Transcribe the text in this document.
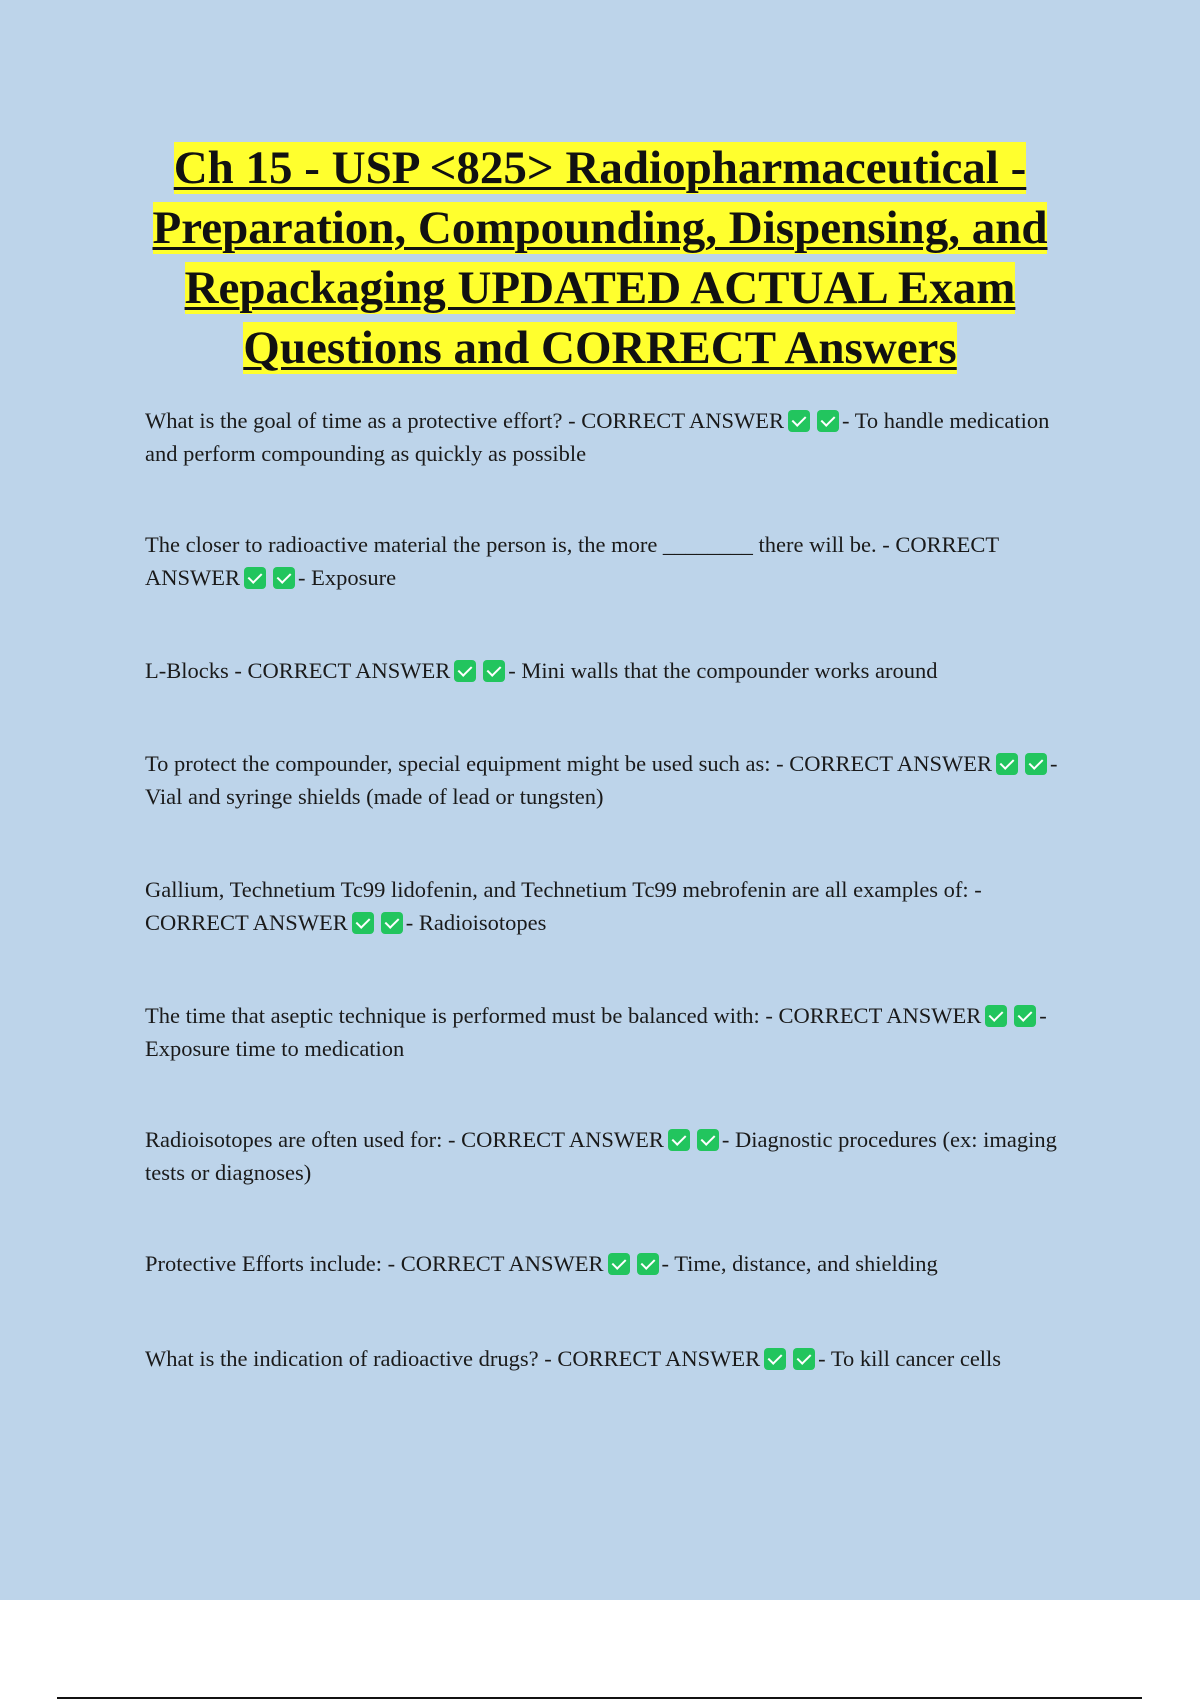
Ch 15 - USP <825> Radiopharmaceutical - Preparation, Compounding, Dispensing, and Repackaging UPDATED ACTUAL Exam Questions and CORRECT Answers
What is the goal of time as a protective effort? - CORRECT ANSWER	- To handle medication and perform compounding as quickly as possible
The closer to radioactive material the person is, the more ________ there will be. - CORRECT ANSWER	- Exposure
L-Blocks - CORRECT ANSWER	- Mini walls that the compounder works around
To protect the compounder, special equipment might be used such as: - CORRECT ANSWER	- Vial and syringe shields (made of lead or tungsten)
Gallium, Technetium Tc99 lidofenin, and Technetium Tc99 mebrofenin are all examples of: - CORRECT ANSWER	- Radioisotopes
The time that aseptic technique is performed must be balanced with: - CORRECT ANSWER	- Exposure time to medication
Radioisotopes are often used for: - CORRECT ANSWER	- Diagnostic procedures (ex: imaging tests or diagnoses)
Protective Efforts include: - CORRECT ANSWER	- Time, distance, and shielding
What is the indication of radioactive drugs? - CORRECT ANSWER	- To kill cancer cells
